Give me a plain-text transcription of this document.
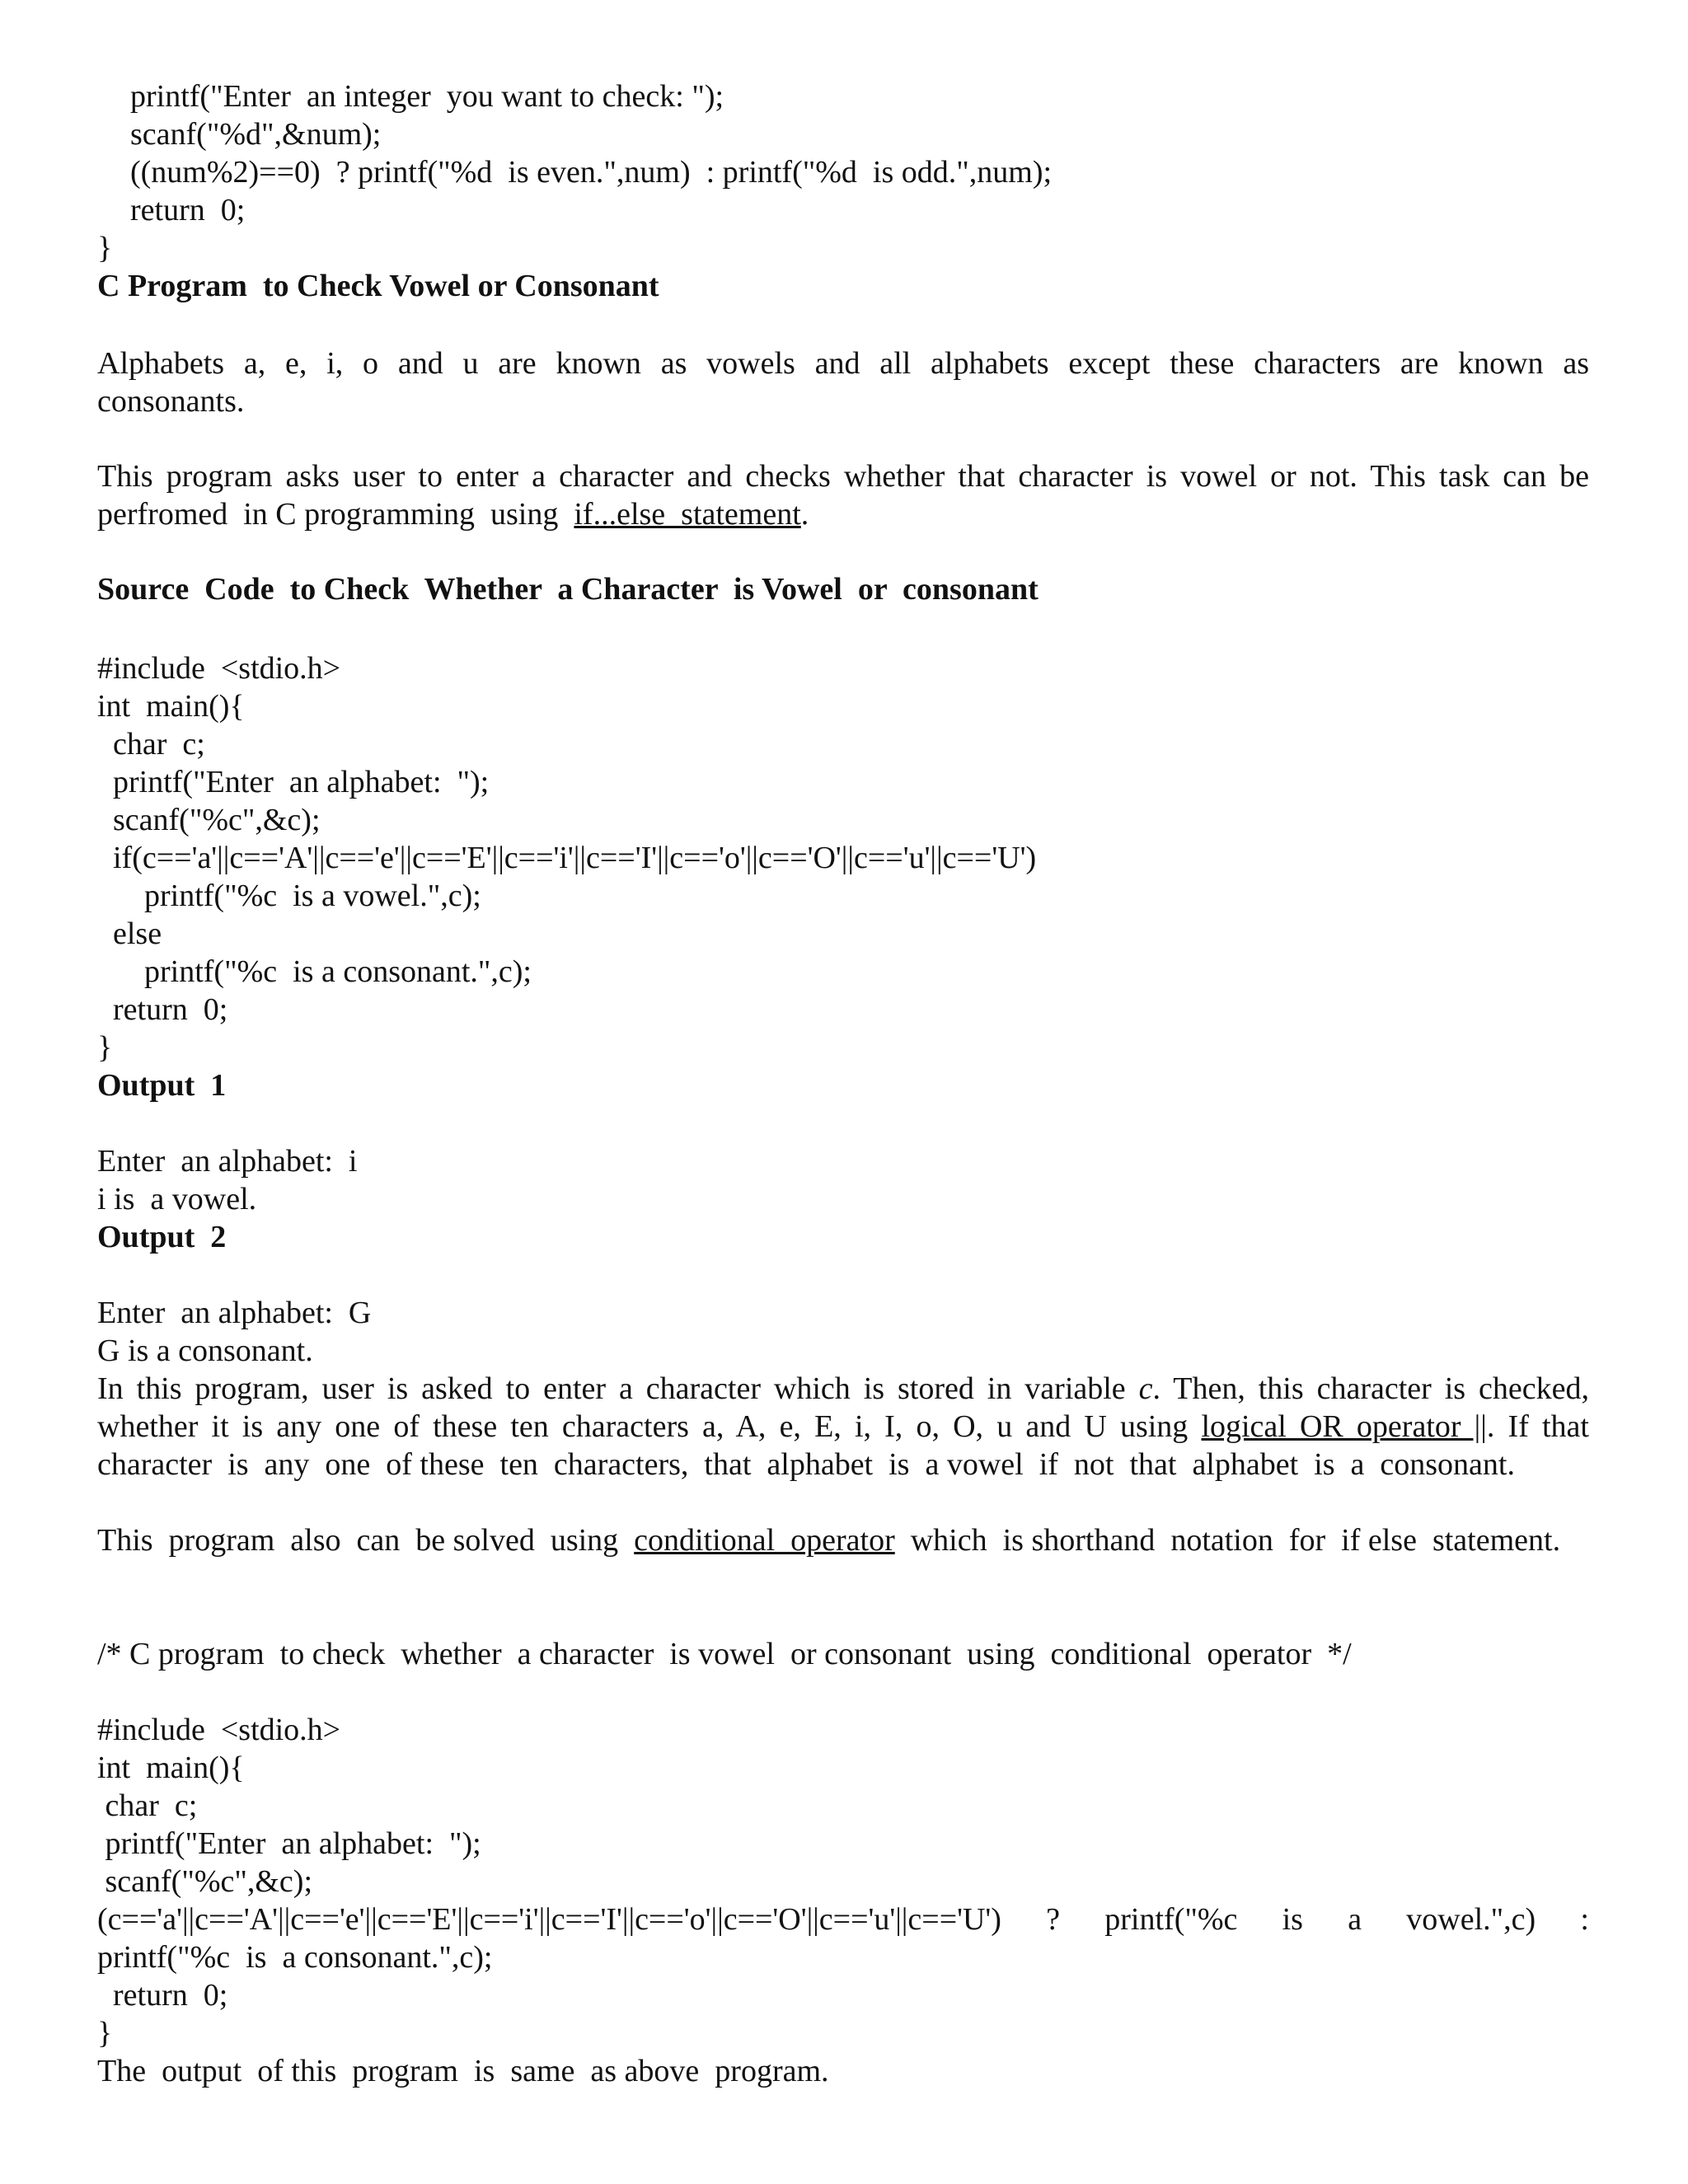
printf("Enter  an integer  you want to check: ");
scanf("%d",&num);
((num%2)==0)  ? printf("%d  is even.",num)  : printf("%d  is odd.",num);
return  0;
}
C Program  to Check Vowel or Consonant
Alphabets a, e, i, o and u are known as vowels and all alphabets except these characters are known as
consonants.
This program asks user to enter a character and checks whether that character is vowel or not. This task can be
perfromed  in C programming  using  if...else  statement.
Source  Code  to Check  Whether  a Character  is Vowel  or  consonant
#include  <stdio.h>
int  main(){
char  c;
printf("Enter  an alphabet:  ");
scanf("%c",&c);
if(c=='a'||c=='A'||c=='e'||c=='E'||c=='i'||c=='I'||c=='o'||c=='O'||c=='u'||c=='U')
printf("%c  is a vowel.",c);
else
printf("%c  is a consonant.",c);
return  0;
}
Output  1
Enter  an alphabet:  i
i is  a vowel.
Output  2
Enter  an alphabet:  G
G is a consonant.
In this program, user is asked to enter a character which is stored in variable c. Then, this character is checked,
whether it is any one of these ten characters a, A, e, E, i, I, o, O, u and U using logical OR operator ||. If that
character  is  any  one  of these  ten  characters,  that  alphabet  is  a vowel  if  not  that  alphabet  is  a  consonant.
This  program  also  can  be solved  using  conditional  operator  which  is shorthand  notation  for  if else  statement.
/* C program  to check  whether  a character  is vowel  or consonant  using  conditional  operator  */
#include  <stdio.h>
int  main(){
char  c;
printf("Enter  an alphabet:  ");
scanf("%c",&c);
(c=='a'||c=='A'||c=='e'||c=='E'||c=='i'||c=='I'||c=='o'||c=='O'||c=='u'||c=='U') ? printf("%c is a vowel.",c) :
printf("%c  is  a consonant.",c);
return  0;
}
The  output  of this  program  is  same  as above  program.
